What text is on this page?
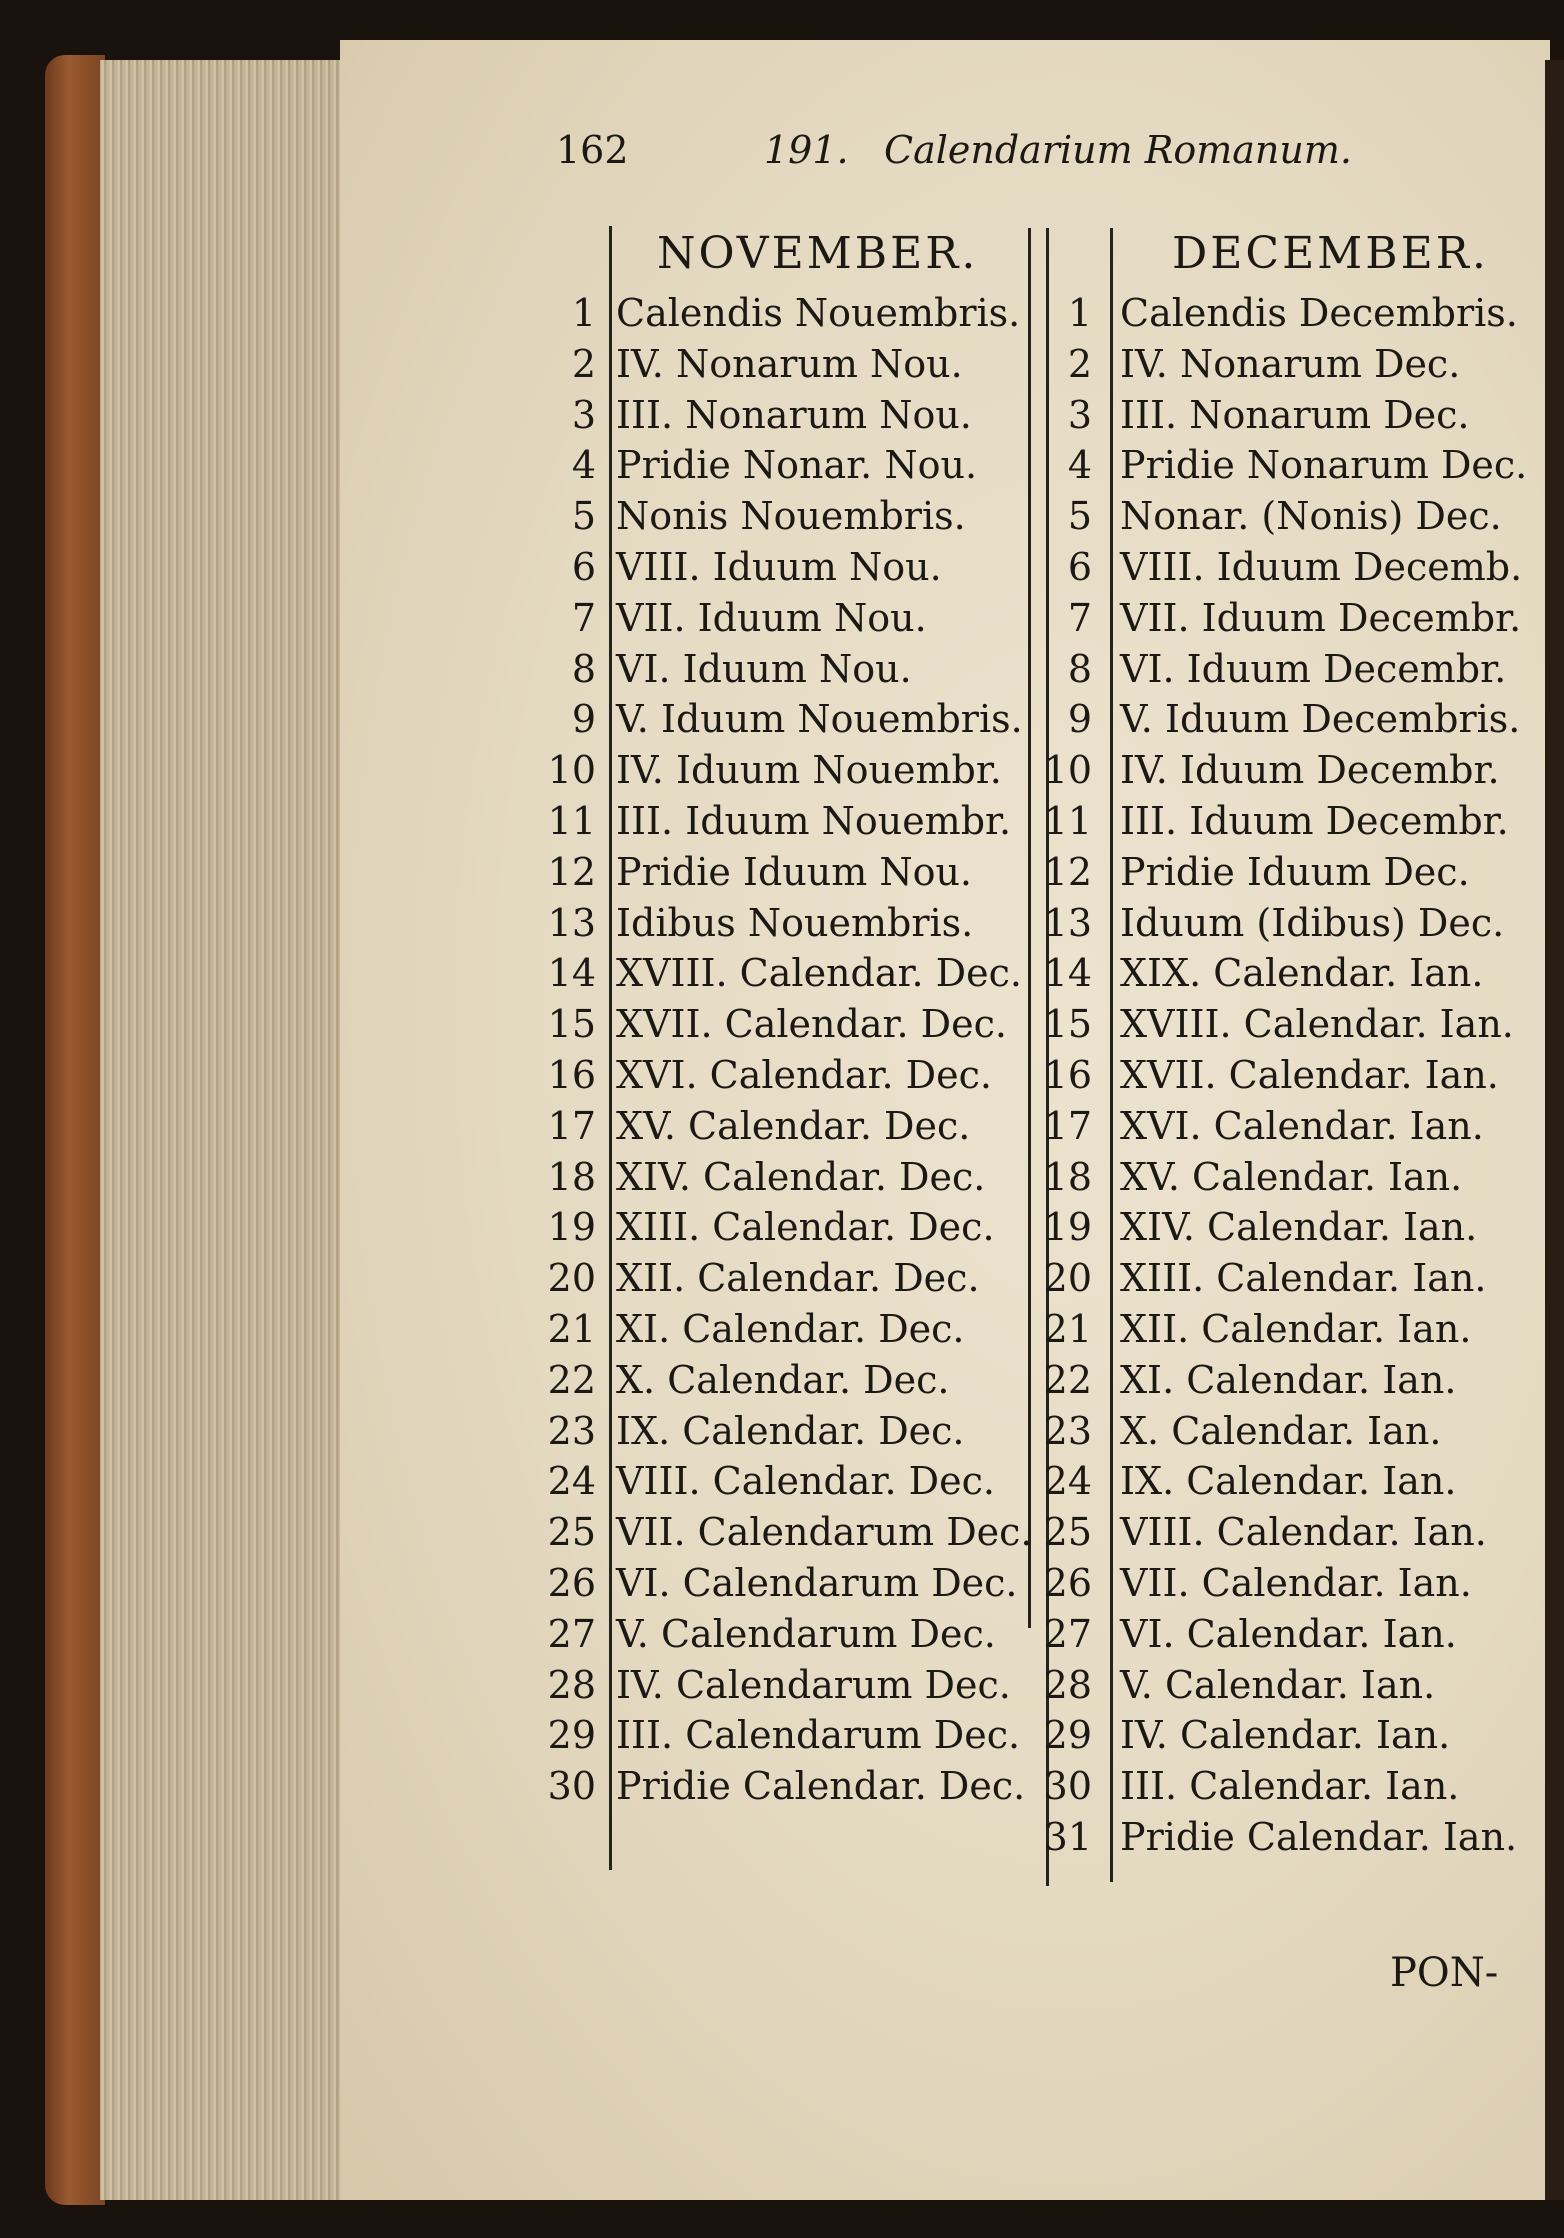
162	191. Calendarium Romanum.
NOVEMBER.	DECEMBER.
1 Calendis Nouembris.
2 IV. Nonarum Nou.
3 III. Nonarum Nou.
4 Pridie Nonar. Nou.
5 Nonis Nouembris.
6 VIII. Iduum Nou.
7 VII. Iduum Nou.
8 VI. Iduum Nou.
9 V. Iduum Nouembris.
10 IV. Iduum Nouembr.
11 III. Iduum Nouembr.
12 Pridie Iduum Nou.
13 Idibus Nouembris.
14 XVIII. Calendar. Dec.
15 XVII. Calendar. Dec.
16 XVI. Calendar. Dec.
17 XV. Calendar. Dec.
18 XIV. Calendar. Dec.
19 XIII. Calendar. Dec.
20 XII. Calendar. Dec.
21 XI. Calendar. Dec.
22 X. Calendar. Dec.
23 IX. Calendar. Dec.
24 VIII. Calendar. Dec.
25 VII. Calendarum Dec.
26 VI. Calendarum Dec.
27 V. Calendarum Dec.
28 IV. Calendarum Dec.
29 III. Calendarum Dec.
30 Pridie Calendar. Dec.
1 Calendis Decembris.
2 IV. Nonarum Dec.
3 III. Nonarum Dec.
4 Pridie Nonarum Dec.
5 Nonar. (Nonis) Dec.
6 VIII. Iduum Decemb.
7 VII. Iduum Decembr.
8 VI. Iduum Decembr.
9 V. Iduum Decembris.
10 IV. Iduum Decembr.
11 III. Iduum Decembr.
12 Pridie Iduum Dec.
13 Iduum (Idibus) Dec.
14 XIX. Calendar. Ian.
15 XVIII. Calendar. Ian.
16 XVII. Calendar. Ian.
17 XVI. Calendar. Ian.
18 XV. Calendar. Ian.
19 XIV. Calendar. Ian.
20 XIII. Calendar. Ian.
21 XII. Calendar. Ian.
22 XI. Calendar. Ian.
23 X. Calendar. Ian.
24 IX. Calendar. Ian.
25 VIII. Calendar. Ian.
26 VII. Calendar. Ian.
27 VI. Calendar. Ian.
28 V. Calendar. Ian.
29 IV. Calendar. Ian.
30 III. Calendar. Ian.
31 Pridie Calendar. Ian.
PON-
